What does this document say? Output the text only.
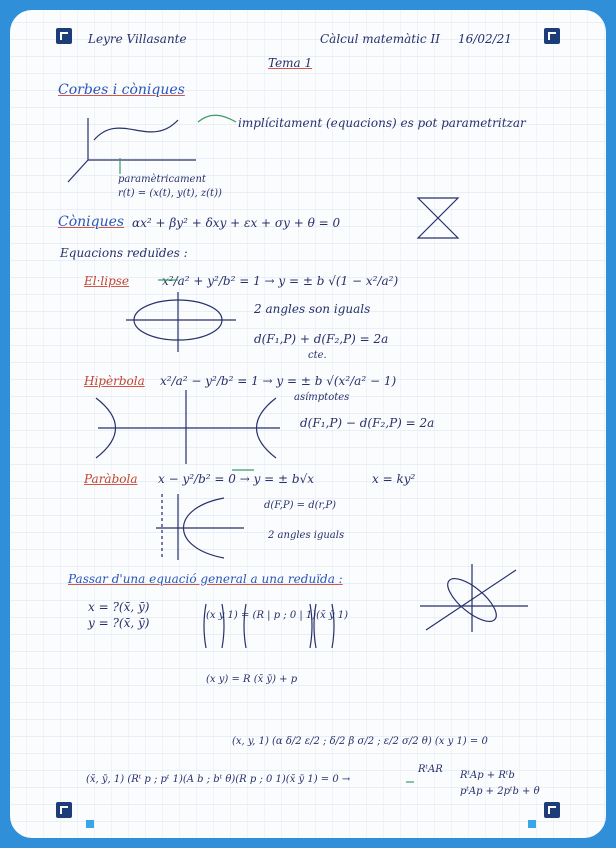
Leyre Villasante	Càlcul matemàtic II 16/02/21
Tema 1
Corbes i còniques
implícitament (equacions) es pot parametritzar
paramètricament
r(t) = (x(t), y(t), z(t))
Còniques αx² + βy² + δxy + εx + σy + θ = 0
Equacions reduïdes :
El·lipse	x²/a² + y²/b² = 1 → y = ± b √(1 − x²/a²)
2 angles son iguals
d(F₁,P) + d(F₂,P) = 2a
cte.
Hipèrbola x²/a² − y²/b² = 1 → y = ± b √(x²/a² − 1)
asímptotes
d(F₁,P) − d(F₂,P) = 2a
Paràbola x − y²/b² = 0 → y = ± b√x	x = ky²
d(F,P) = d(r,P)
2 angles iguals
Passar d'una equació general a una reduïda :
x = ?(x̄, ȳ)
y = ?(x̄, ȳ)
(x y 1) = (R | p ; 0 | 1)(x̄ ȳ 1)
(x y) = R (x̄ ȳ) + p
(x, y, 1) (α δ/2 ε/2 ; δ/2 β σ/2 ; ε/2 σ/2 θ) (x y 1) = 0
(x̄, ȳ, 1) (Rᵗ p ; pᵗ 1)(A b ; bᵗ θ)(R p ; 0 1)(x̄ ȳ 1) = 0 →
RᵗAR
RᵗAp + Rᵗb
pᵗAp + 2pᵗb + θ
